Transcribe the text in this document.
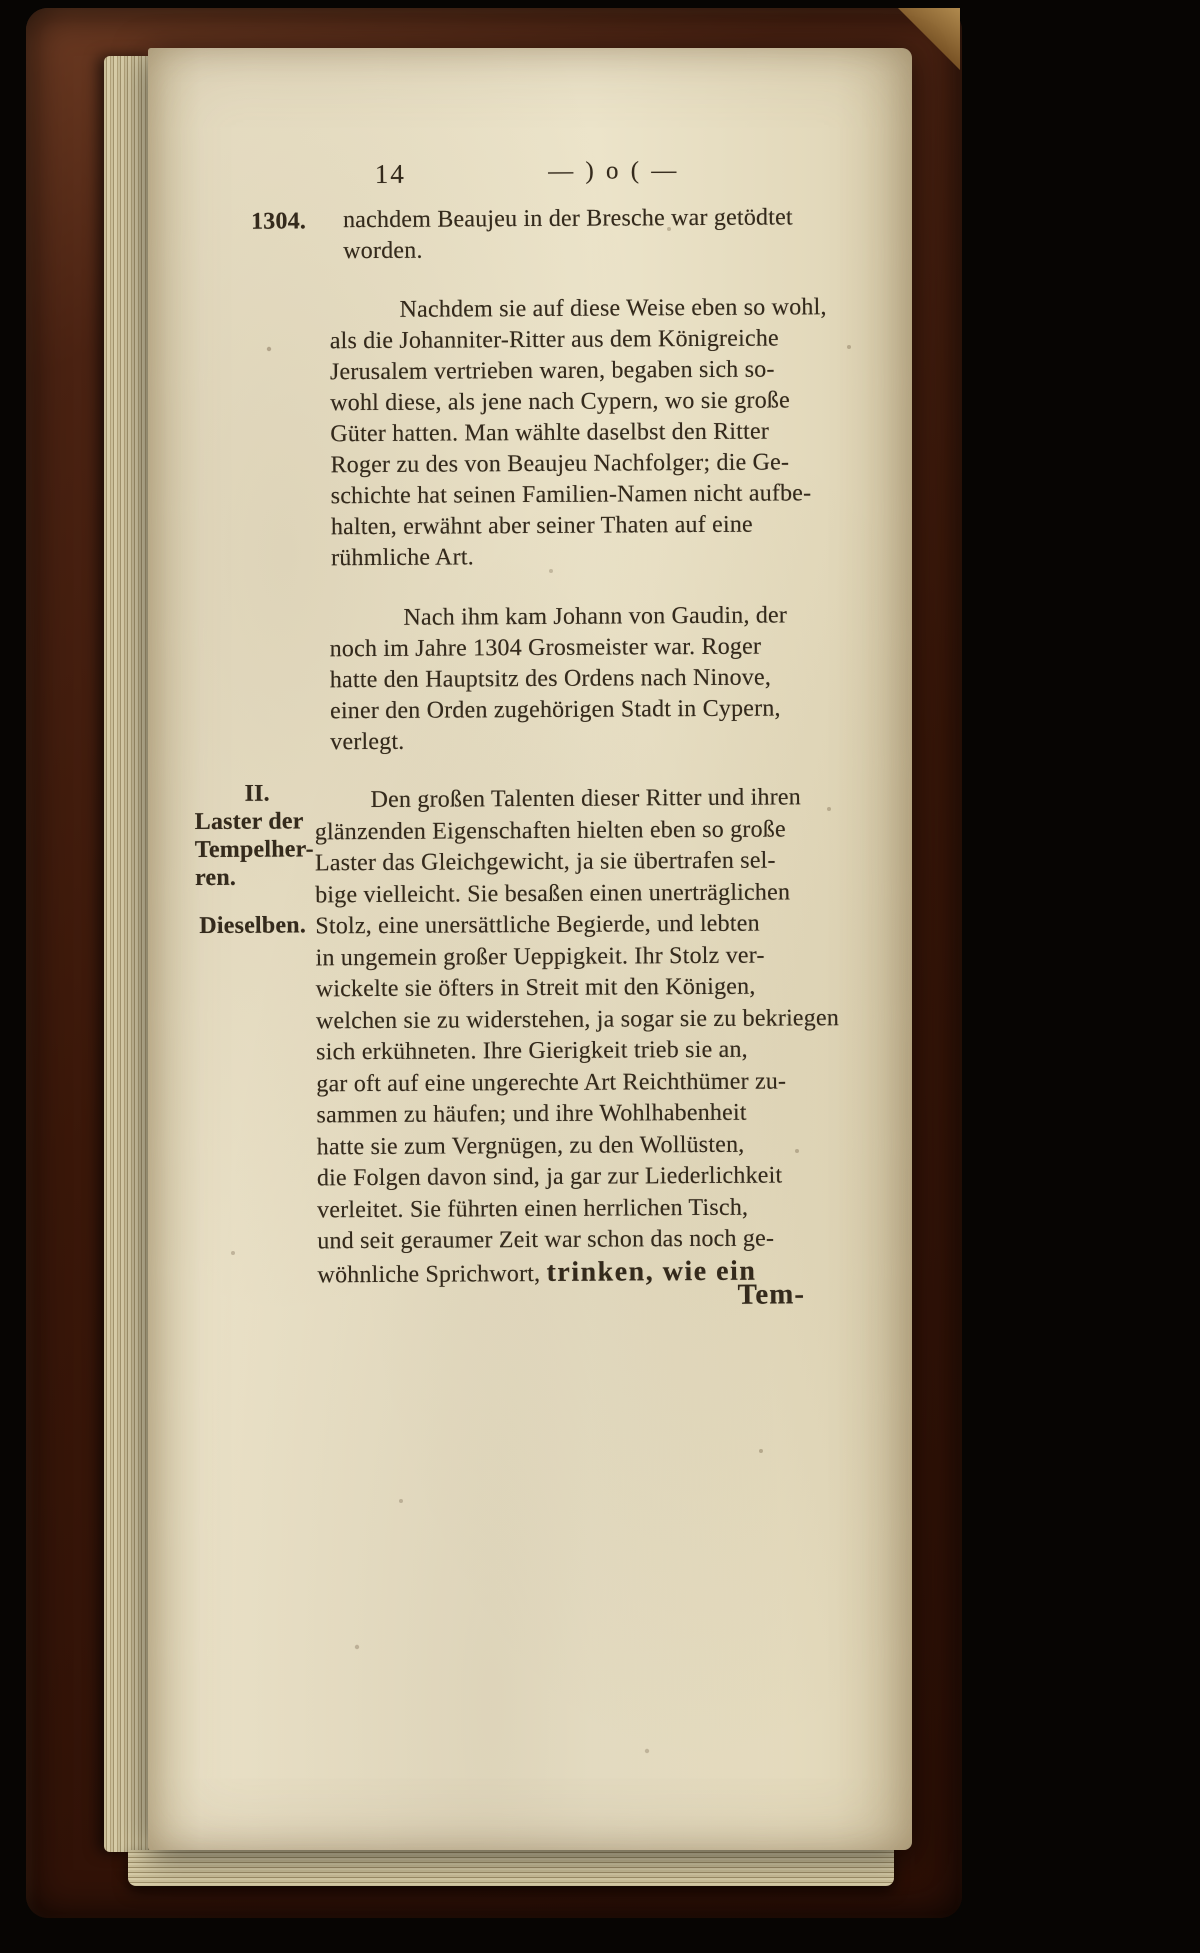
14	— ) o ( —
1304. nachdem Beaujeu in der Bresche war getödtet
worden.
Nachdem sie auf diese Weise eben so wohl,
als die Johanniter-Ritter aus dem Königreiche
Jerusalem vertrieben waren, begaben sich so-
wohl diese, als jene nach Cypern, wo sie große
Güter hatten. Man wählte daselbst den Ritter
Roger zu des von Beaujeu Nachfolger; die Ge-
schichte hat seinen Familien-Namen nicht aufbe-
halten, erwähnt aber seiner Thaten auf eine
rühmliche Art.
Nach ihm kam Johann von Gaudin, der
noch im Jahre 1304 Grosmeister war. Roger
hatte den Hauptsitz des Ordens nach Ninove,
einer den Orden zugehörigen Stadt in Cypern,
verlegt.
II.
Laster der
Tempelher-
ren.
Dieselben.
Den großen Talenten dieser Ritter und ihren
glänzenden Eigenschaften hielten eben so große
Laster das Gleichgewicht, ja sie übertrafen sel-
bige vielleicht. Sie besaßen einen unerträglichen
Stolz, eine unersättliche Begierde, und lebten
in ungemein großer Ueppigkeit. Ihr Stolz ver-
wickelte sie öfters in Streit mit den Königen,
welchen sie zu widerstehen, ja sogar sie zu bekriegen
sich erkühneten. Ihre Gierigkeit trieb sie an,
gar oft auf eine ungerechte Art Reichthümer zu-
sammen zu häufen; und ihre Wohlhabenheit
hatte sie zum Vergnügen, zu den Wollüsten,
die Folgen davon sind, ja gar zur Liederlichkeit
verleitet. Sie führten einen herrlichen Tisch,
und seit geraumer Zeit war schon das noch ge-
wöhnliche Sprichwort, trinken, wie ein
Tem-
